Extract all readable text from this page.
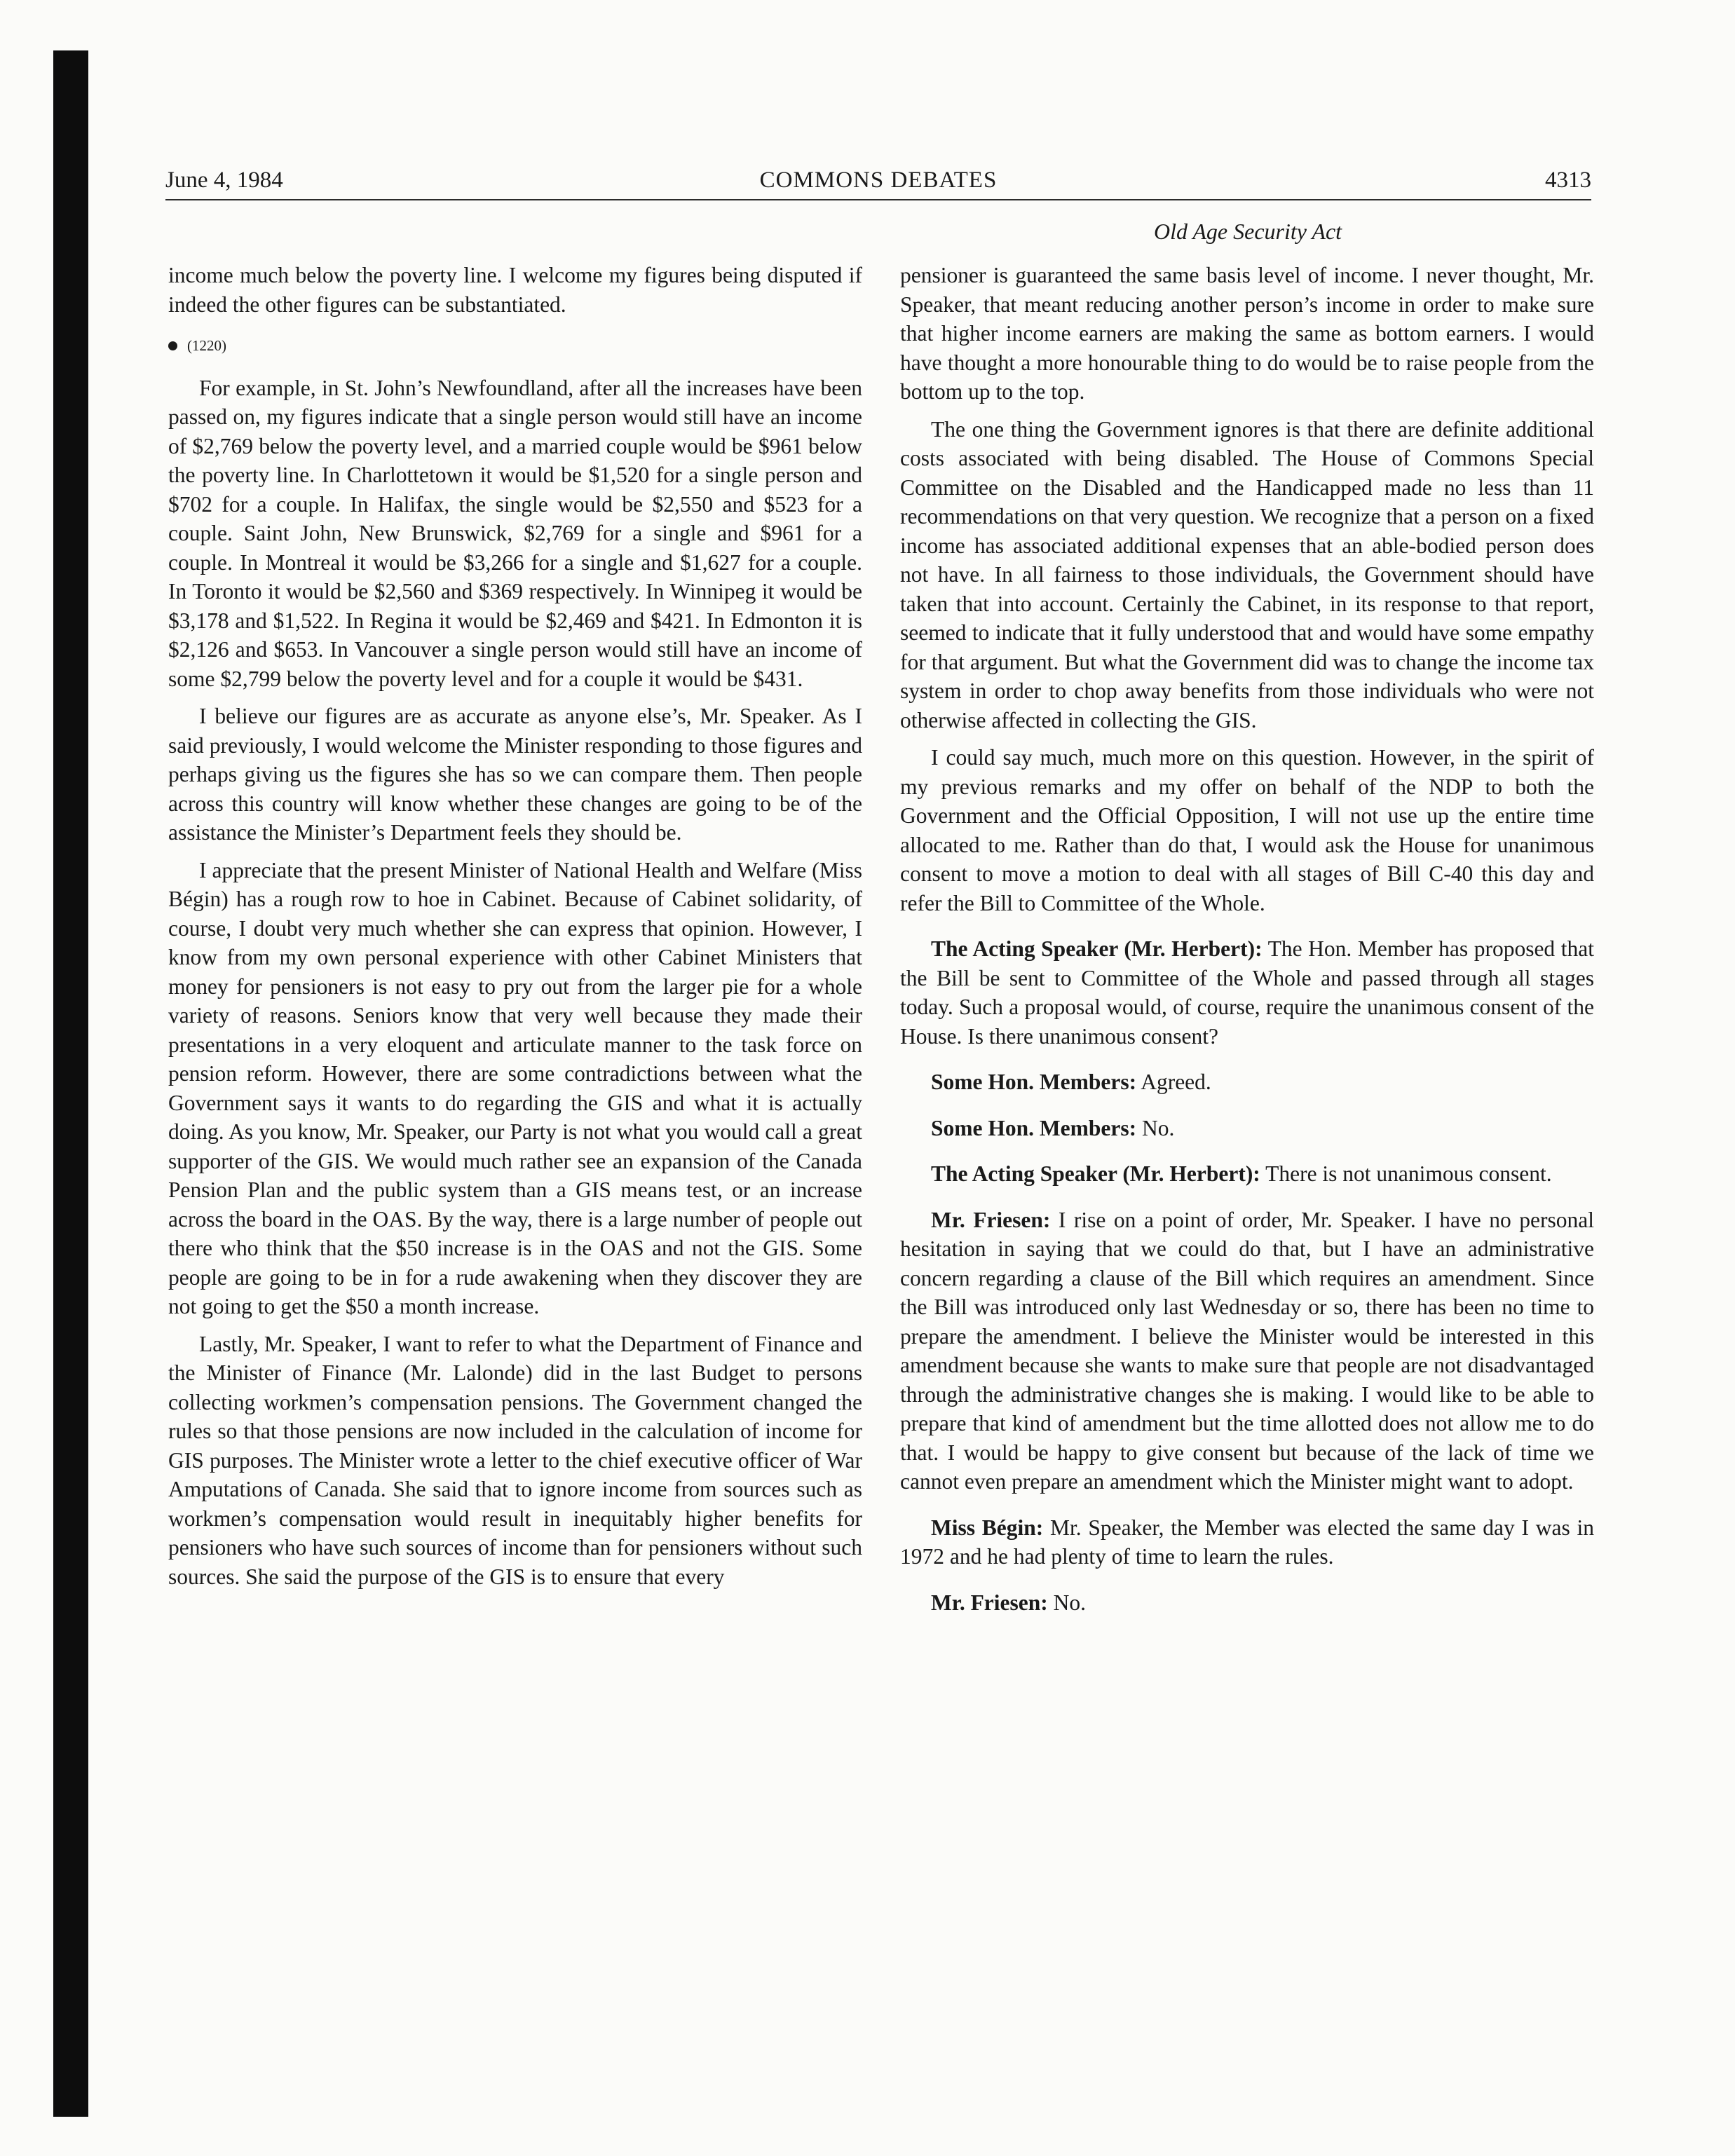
June 4, 1984	COMMONS DEBATES	4313
Old Age Security Act

income much below the poverty line. I welcome my figures being disputed if indeed the other figures can be substantiated.

(1220)

For example, in St. John’s Newfoundland, after all the increases have been passed on, my figures indicate that a single person would still have an income of $2,769 below the poverty level, and a married couple would be $961 below the poverty line. In Charlottetown it would be $1,520 for a single person and $702 for a couple. In Halifax, the single would be $2,550 and $523 for a couple. Saint John, New Brunswick, $2,769 for a single and $961 for a couple. In Montreal it would be $3,266 for a single and $1,627 for a couple. In Toronto it would be $2,560 and $369 respectively. In Winnipeg it would be $3,178 and $1,522. In Regina it would be $2,469 and $421. In Edmonton it is $2,126 and $653. In Vancouver a single person would still have an income of some $2,799 below the poverty level and for a couple it would be $431.

I believe our figures are as accurate as anyone else’s, Mr. Speaker. As I said previously, I would welcome the Minister responding to those figures and perhaps giving us the figures she has so we can compare them. Then people across this country will know whether these changes are going to be of the assistance the Minister’s Department feels they should be.

I appreciate that the present Minister of National Health and Welfare (Miss Bégin) has a rough row to hoe in Cabinet. Because of Cabinet solidarity, of course, I doubt very much whether she can express that opinion. However, I know from my own personal experience with other Cabinet Ministers that money for pensioners is not easy to pry out from the larger pie for a whole variety of reasons. Seniors know that very well because they made their presentations in a very eloquent and articulate manner to the task force on pension reform. However, there are some contradictions between what the Government says it wants to do regarding the GIS and what it is actually doing. As you know, Mr. Speaker, our Party is not what you would call a great supporter of the GIS. We would much rather see an expansion of the Canada Pension Plan and the public system than a GIS means test, or an increase across the board in the OAS. By the way, there is a large number of people out there who think that the $50 increase is in the OAS and not the GIS. Some people are going to be in for a rude awakening when they discover they are not going to get the $50 a month increase.

Lastly, Mr. Speaker, I want to refer to what the Department of Finance and the Minister of Finance (Mr. Lalonde) did in the last Budget to persons collecting workmen’s compensation pensions. The Government changed the rules so that those pensions are now included in the calculation of income for GIS purposes. The Minister wrote a letter to the chief executive officer of War Amputations of Canada. She said that to ignore income from sources such as workmen’s compensation would result in inequitably higher benefits for pensioners who have such sources of income than for pensioners without such sources. She said the purpose of the GIS is to ensure that every

pensioner is guaranteed the same basis level of income. I never thought, Mr. Speaker, that meant reducing another person’s income in order to make sure that higher income earners are making the same as bottom earners. I would have thought a more honourable thing to do would be to raise people from the bottom up to the top.

The one thing the Government ignores is that there are definite additional costs associated with being disabled. The House of Commons Special Committee on the Disabled and the Handicapped made no less than 11 recommendations on that very question. We recognize that a person on a fixed income has associated additional expenses that an able-bodied person does not have. In all fairness to those individuals, the Government should have taken that into account. Certainly the Cabinet, in its response to that report, seemed to indicate that it fully understood that and would have some empathy for that argument. But what the Government did was to change the income tax system in order to chop away benefits from those individuals who were not otherwise affected in collecting the GIS.

I could say much, much more on this question. However, in the spirit of my previous remarks and my offer on behalf of the NDP to both the Government and the Official Opposition, I will not use up the entire time allocated to me. Rather than do that, I would ask the House for unanimous consent to move a motion to deal with all stages of Bill C-40 this day and refer the Bill to Committee of the Whole.

The Acting Speaker (Mr. Herbert): The Hon. Member has proposed that the Bill be sent to Committee of the Whole and passed through all stages today. Such a proposal would, of course, require the unanimous consent of the House. Is there unanimous consent?

Some Hon. Members: Agreed.

Some Hon. Members: No.

The Acting Speaker (Mr. Herbert): There is not unanimous consent.

Mr. Friesen: I rise on a point of order, Mr. Speaker. I have no personal hesitation in saying that we could do that, but I have an administrative concern regarding a clause of the Bill which requires an amendment. Since the Bill was introduced only last Wednesday or so, there has been no time to prepare the amendment. I believe the Minister would be interested in this amendment because she wants to make sure that people are not disadvantaged through the administrative changes she is making. I would like to be able to prepare that kind of amendment but the time allotted does not allow me to do that. I would be happy to give consent but because of the lack of time we cannot even prepare an amendment which the Minister might want to adopt.

Miss Bégin: Mr. Speaker, the Member was elected the same day I was in 1972 and he had plenty of time to learn the rules.

Mr. Friesen: No.
